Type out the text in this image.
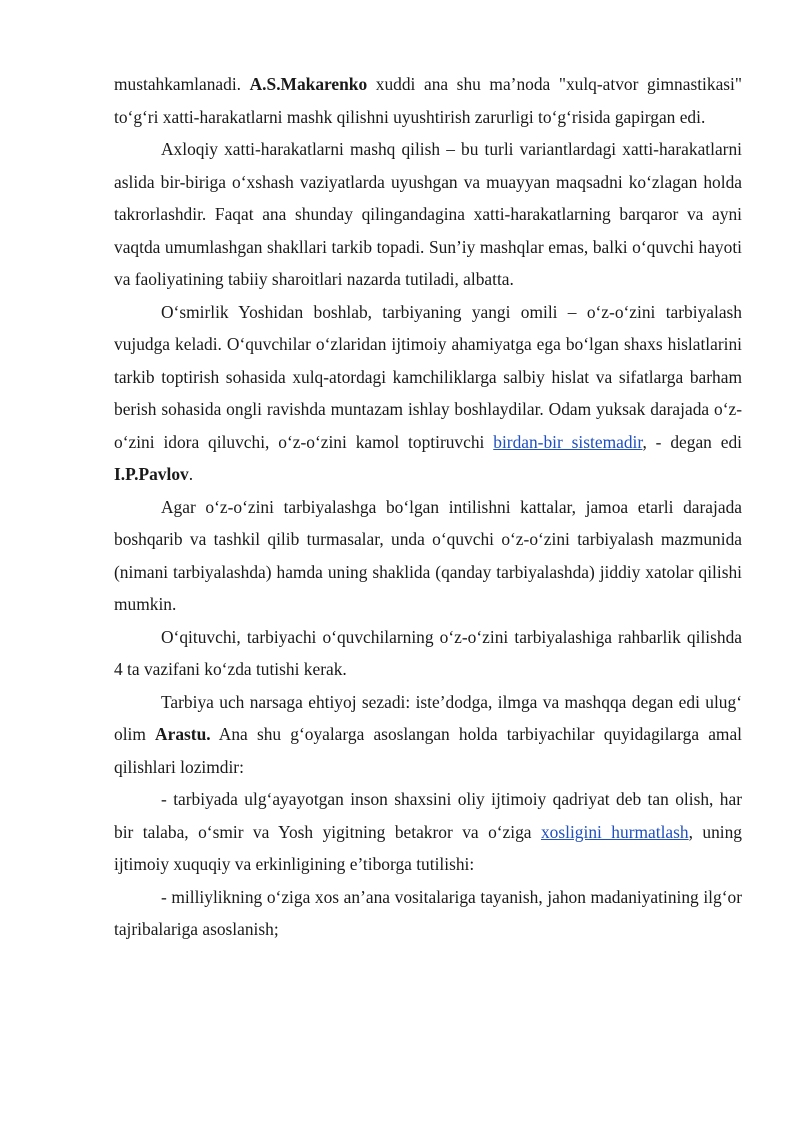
mustahkamlanadi. A.S.Makarenko xuddi ana shu ma’noda "xulq-atvor gimnastikasi" to‘g‘ri xatti-harakatlarni mashk qilishni uyushtirish zarurligi to‘g‘risida gapirgan edi.

Axloqiy xatti-harakatlarni mashq qilish – bu turli variantlardagi xatti-harakatlarni aslida bir-biriga o‘xshash vaziyatlarda uyushgan va muayyan maqsadni ko‘zlagan holda takrorlashdir. Faqat ana shunday qilingandagina xatti-harakatlarning barqaror va ayni vaqtda umumlashgan shakllari tarkib topadi. Sun’iy mashqlar emas, balki o‘quvchi hayoti va faoliyatining tabiiy sharoitlari nazarda tutiladi, albatta.

O‘smirlik Yoshidan boshlab, tarbiyaning yangi omili – o‘z-o‘zini tarbiyalash vujudga keladi. O‘quvchilar o‘zlaridan ijtimoiy ahamiyatga ega bo‘lgan shaxs hislatlarini tarkib toptirish sohasida xulq-atordagi kamchiliklarga salbiy hislat va sifatlarga barham berish sohasida ongli ravishda muntazam ishlay boshlaydilar. Odam yuksak darajada o‘z-o‘zini idora qiluvchi, o‘z-o‘zini kamol toptiruvchi birdan-bir sistemadir, - degan edi I.P.Pavlov.

Agar o‘z-o‘zini tarbiyalashga bo‘lgan intilishni kattalar, jamoa etarli darajada boshqarib va tashkil qilib turmasalar, unda o‘quvchi o‘z-o‘zini tarbiyalash mazmunida (nimani tarbiyalashda) hamda uning shaklida (qanday tarbiyalashda) jiddiy xatolar qilishi mumkin.

O‘qituvchi, tarbiyachi o‘quvchilarning o‘z-o‘zini tarbiyalashiga rahbarlik qilishda 4 ta vazifani ko‘zda tutishi kerak.

Tarbiya uch narsaga ehtiyoj sezadi: iste’dodga, ilmga va mashqqa degan edi ulug‘ olim Arastu. Ana shu g‘oyalarga asoslangan holda tarbiyachilar quyidagilarga amal qilishlari lozimdir:

- tarbiyada ulg‘ayayotgan inson shaxsini oliy ijtimoiy qadriyat deb tan olish, har bir talaba, o‘smir va Yosh yigitning betakror va o‘ziga xosligini hurmatlash, uning ijtimoiy xuquqiy va erkinligining e’tiborga tutilishi:

- milliylikning o‘ziga xos an’ana vositalariga tayanish, jahon madaniyatining ilg‘or tajribalariga asoslanish;
